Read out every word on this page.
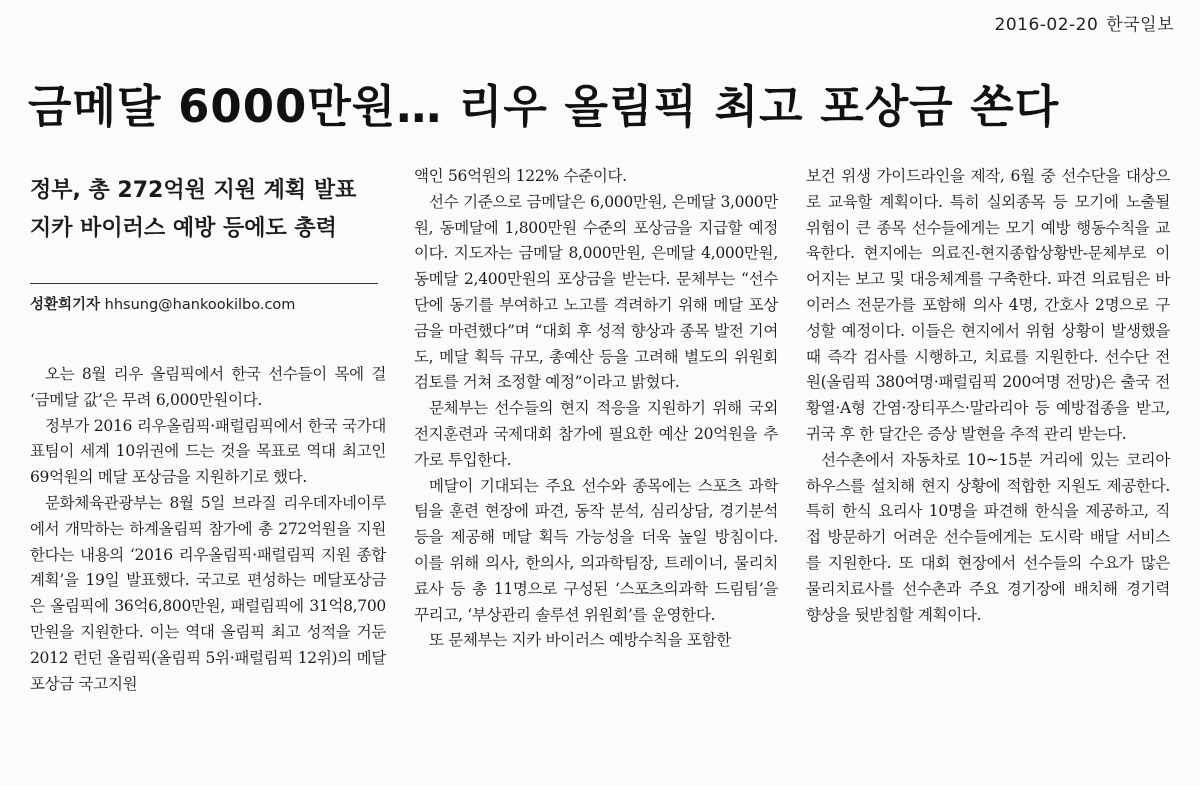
2016-02-20 한국일보
금메달 6000만원… 리우 올림픽 최고 포상금 쏜다
정부, 총 272억원 지원 계획 발표
지카 바이러스 예방 등에도 총력
성환희기자 hhsung@hankookilbo.com

오는 8월 리우 올림픽에서 한국 선수들이 목에 걸 ‘금메달 값’은 무려 6,000만원이다.

정부가 2016 리우올림픽·패럴림픽에서 한국 국가대표팀이 세계 10위권에 드는 것을 목표로 역대 최고인 69억원의 메달 포상금을 지원하기로 했다.

문화체육관광부는 8월 5일 브라질 리우데자네이루에서 개막하는 하계올림픽 참가에 총 272억원을 지원한다는 내용의 ‘2016 리우올림픽·패럴림픽 지원 종합계획’을 19일 발표했다. 국고로 편성하는 메달포상금은 올림픽에 36억6,800만원, 패럴림픽에 31억8,700만원을 지원한다. 이는 역대 올림픽 최고 성적을 거둔 2012 런던 올림픽(올림픽 5위·패럴림픽 12위)의 메달포상금 국고지원

액인 56억원의 122% 수준이다.

선수 기준으로 금메달은 6,000만원, 은메달 3,000만원, 동메달에 1,800만원 수준의 포상금을 지급할 예정이다. 지도자는 금메달 8,000만원, 은메달 4,000만원, 동메달 2,400만원의 포상금을 받는다. 문체부는 “선수단에 동기를 부여하고 노고를 격려하기 위해 메달 포상금을 마련했다”며 “대회 후 성적 향상과 종목 발전 기여도, 메달 획득 규모, 총예산 등을 고려해 별도의 위원회 검토를 거쳐 조정할 예정”이라고 밝혔다.

문체부는 선수들의 현지 적응을 지원하기 위해 국외 전지훈련과 국제대회 참가에 필요한 예산 20억원을 추가로 투입한다.

메달이 기대되는 주요 선수와 종목에는 스포츠 과학팀을 훈련 현장에 파견, 동작 분석, 심리상담, 경기분석 등을 제공해 메달 획득 가능성을 더욱 높일 방침이다. 이를 위해 의사, 한의사, 의과학팀장, 트레이너, 물리치료사 등 총 11명으로 구성된 ‘스포츠의과학 드림팀’을 꾸리고, ‘부상관리 솔루션 위원회’를 운영한다.

또 문체부는 지카 바이러스 예방수칙을 포함한

보건 위생 가이드라인을 제작, 6월 중 선수단을 대상으로 교육할 계획이다. 특히 실외종목 등 모기에 노출될 위험이 큰 종목 선수들에게는 모기 예방 행동수칙을 교육한다. 현지에는 의료진-현지종합상황반-문체부로 이어지는 보고 및 대응체계를 구축한다. 파견 의료팀은 바이러스 전문가를 포함해 의사 4명, 간호사 2명으로 구성할 예정이다. 이들은 현지에서 위험 상황이 발생했을 때 즉각 검사를 시행하고, 치료를 지원한다. 선수단 전원(올림픽 380여명·패럴림픽 200여명 전망)은 출국 전 황열·A형 간염·장티푸스·말라리아 등 예방접종을 받고, 귀국 후 한 달간은 증상 발현을 추적 관리 받는다.

선수촌에서 자동차로 10~15분 거리에 있는 코리아 하우스를 설치해 현지 상황에 적합한 지원도 제공한다. 특히 한식 요리사 10명을 파견해 한식을 제공하고, 직접 방문하기 어려운 선수들에게는 도시락 배달 서비스를 지원한다. 또 대회 현장에서 선수들의 수요가 많은 물리치료사를 선수촌과 주요 경기장에 배치해 경기력 향상을 뒷받침할 계획이다.
